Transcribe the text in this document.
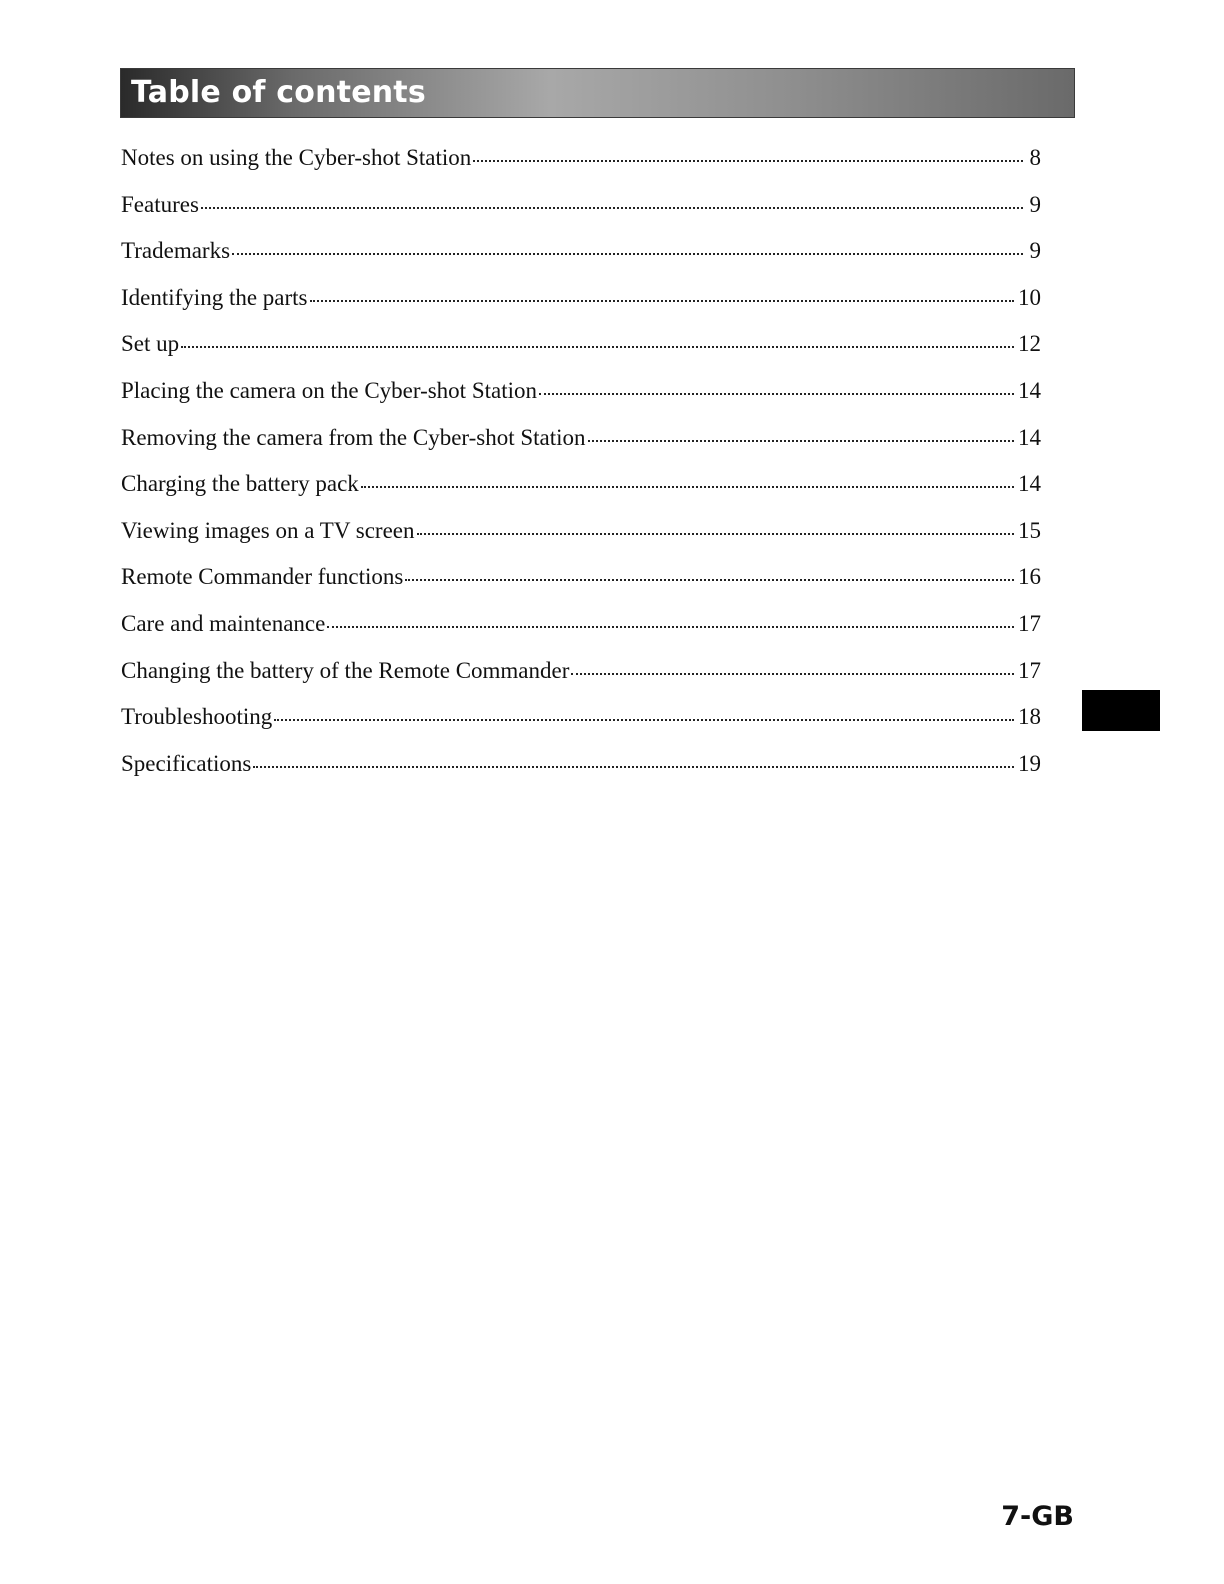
Table of contents
Notes on using the Cyber-shot Station	8
Features	9
Trademarks	9
Identifying the parts	10
Set up	12
Placing the camera on the Cyber-shot Station	14
Removing the camera from the Cyber-shot Station	14
Charging the battery pack	14
Viewing images on a TV screen	15
Remote Commander functions	16
Care and maintenance	17
Changing the battery of the Remote Commander	17
Troubleshooting	18
Specifications	19
7-GB
